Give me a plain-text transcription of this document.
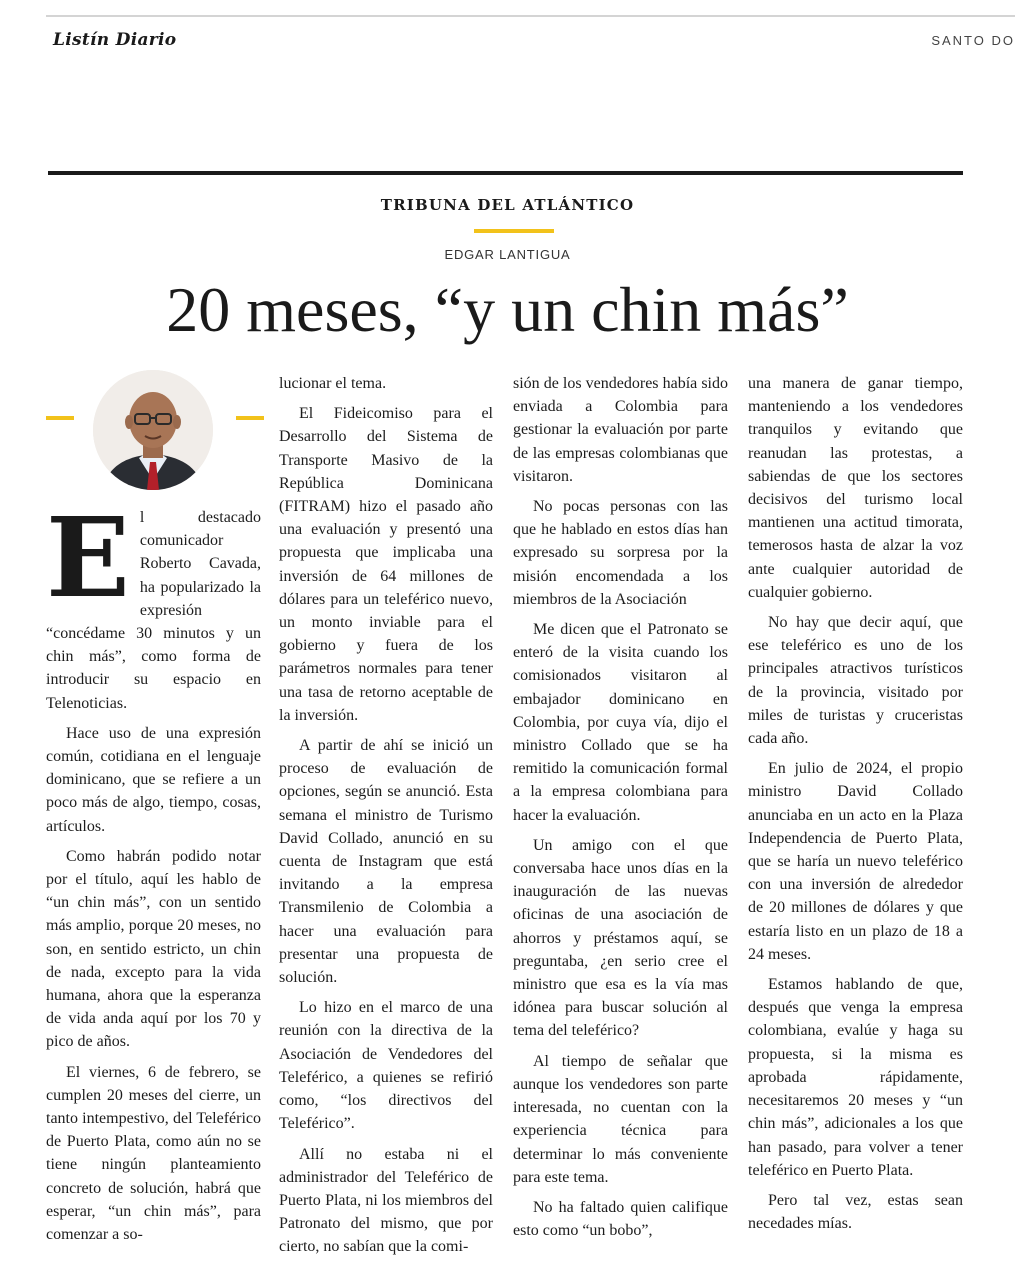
Listín Diario	SANTO DO
TRIBUNA DEL ATLÁNTICO
EDGAR LANTIGUA
20 meses, “y un chin más”

El destacado comunicador Roberto Cavada, ha popularizado la expresión “concédame 30 minutos y un chin más”, como forma de introducir su espacio en Telenoticias.

Hace uso de una expresión común, cotidiana en el lenguaje dominicano, que se refiere a un poco más de algo, tiempo, cosas, artículos.

Como habrán podido notar por el título, aquí les hablo de “un chin más”, con un sentido más amplio, porque 20 meses, no son, en sentido estricto, un chin de nada, excepto para la vida humana, ahora que la esperanza de vida anda aquí por los 70 y pico de años.

El viernes, 6 de febrero, se cumplen 20 meses del cierre, un tanto intempestivo, del Teleférico de Puerto Plata, como aún no se tiene ningún planteamiento concreto de solución, habrá que esperar, “un chin más”, para comenzar a so-

lucionar el tema.

El Fideicomiso para el Desarrollo del Sistema de Transporte Masivo de la República Dominicana (FITRAM) hizo el pasado año una evaluación y presentó una propuesta que implicaba una inversión de 64 millones de dólares para un teleférico nuevo, un monto inviable para el gobierno y fuera de los parámetros normales para tener una tasa de retorno aceptable de la inversión.

A partir de ahí se inició un proceso de evaluación de opciones, según se anunció. Esta semana el ministro de Turismo David Collado, anunció en su cuenta de Instagram que está invitando a la empresa Transmilenio de Colombia a hacer una evaluación para presentar una propuesta de solución.

Lo hizo en el marco de una reunión con la directiva de la Asociación de Vendedores del Teleférico, a quienes se refirió como, “los directivos del Teleférico”.

Allí no estaba ni el administrador del Teleférico de Puerto Plata, ni los miembros del Patronato del mismo, que por cierto, no sabían que la comi-

sión de los vendedores había sido enviada a Colombia para gestionar la evaluación por parte de las empresas colombianas que visitaron.

No pocas personas con las que he hablado en estos días han expresado su sorpresa por la misión encomendada a los miembros de la Asociación

Me dicen que el Patronato se enteró de la visita cuando los comisionados visitaron al embajador dominicano en Colombia, por cuya vía, dijo el ministro Collado que se ha remitido la comunicación formal a la empresa colombiana para hacer la evaluación.

Un amigo con el que conversaba hace unos días en la inauguración de las nuevas oficinas de una asociación de ahorros y préstamos aquí, se preguntaba, ¿en serio cree el ministro que esa es la vía mas idónea para buscar solución al tema del teleférico?

Al tiempo de señalar que aunque los vendedores son parte interesada, no cuentan con la experiencia técnica para determinar lo más conveniente para este tema.

No ha faltado quien califique esto como “un bobo”,

una manera de ganar tiempo, manteniendo a los vendedores tranquilos y evitando que reanudan las protestas, a sabiendas de que los sectores decisivos del turismo local mantienen una actitud timorata, temerosos hasta de alzar la voz ante cualquier autoridad de cualquier gobierno.

No hay que decir aquí, que ese teleférico es uno de los principales atractivos turísticos de la provincia, visitado por miles de turistas y cruceristas cada año.

En julio de 2024, el propio ministro David Collado anunciaba en un acto en la Plaza Independencia de Puerto Plata, que se haría un nuevo teleférico con una inversión de alrededor de 20 millones de dólares y que estaría listo en un plazo de 18 a 24 meses.

Estamos hablando de que, después que venga la empresa colombiana, evalúe y haga su propuesta, si la misma es aprobada rápidamente, necesitaremos 20 meses y “un chin más”, adicionales a los que han pasado, para volver a tener teleférico en Puerto Plata.

Pero tal vez, estas sean necedades mías.
